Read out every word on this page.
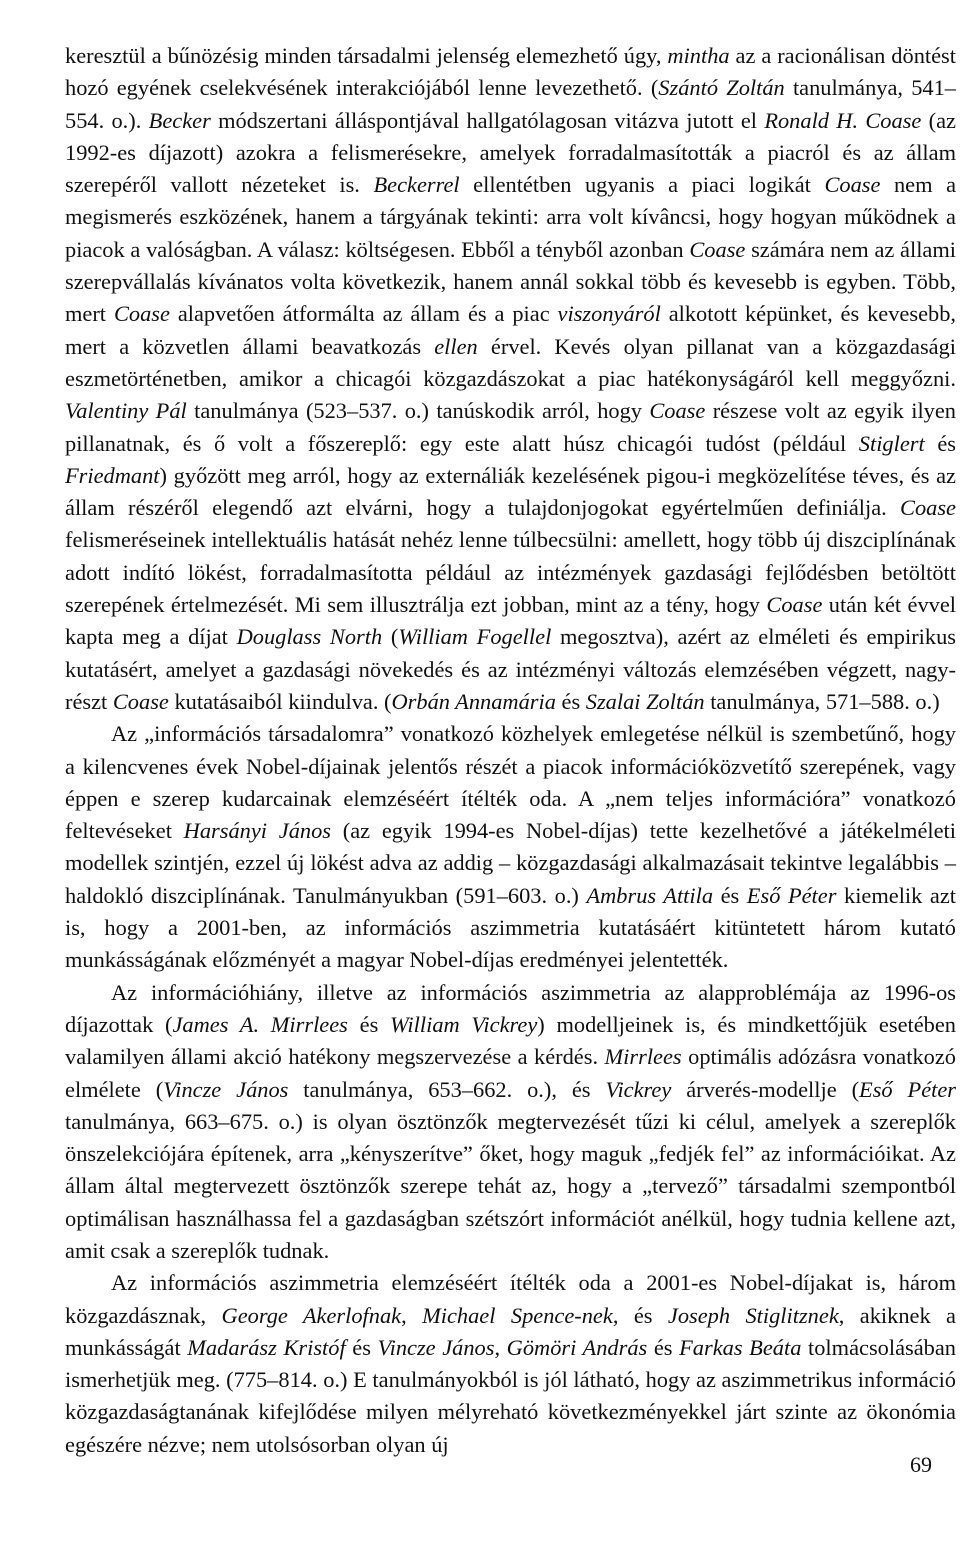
keresztül a bűnözésig minden társadalmi jelenség elemezhető úgy, mintha az a racionálisan döntést hozó egyének cselekvésének interakciójából lenne levezethető. (Szántó Zoltán tanulmánya, 541–554. o.). Becker módszertani álláspontjával hallgatólagosan vitázva jutott el Ronald H. Coase (az 1992-es díjazott) azokra a felismerésekre, amelyek forradalmasították a piacról és az állam szerepéről vallott nézeteket is. Beckerrel ellentétben ugyanis a piaci logikát Coase nem a megismerés eszközének, hanem a tárgyának tekinti: arra volt kívâncsi, hogy hogyan működnek a piacok a valóságban. A válasz: költségesen. Ebből a tényből azonban Coase számára nem az állami szerepvállalás kívánatos volta következik, hanem annál sokkal több és kevesebb is egyben. Több, mert Coase alapvetően átformálta az állam és a piac viszonyáról alkotott képünket, és kevesebb, mert a közvetlen állami beavatkozás ellen érvel. Kevés olyan pillanat van a közgazdasági eszmetörténetben, amikor a chicagói közgazdászokat a piac hatékonyságáról kell meggyőzni. Valentiny Pál tanulmánya (523–537. o.) tanúskodik arról, hogy Coase részese volt az egyik ilyen pillanatnak, és ő volt a főszereplő: egy este alatt húsz chicagói tudóst (például Stiglert és Friedmant) győzött meg arról, hogy az externáliák kezelésének pigou-i megközelítése téves, és az állam részéről elegendő azt elvárni, hogy a tulajdonjogokat egyértelműen definiálja. Coase felismeréseinek intellektuális hatását nehéz lenne túlbecsülni: amellett, hogy több új diszciplínának adott indító lökést, forradalmasította például az intézmények gazdasági fejlődésben betöltött szerepének értelmezését. Mi sem illusztrálja ezt jobban, mint az a tény, hogy Coase után két évvel kapta meg a díjat Douglass North (William Fogellel megosztva), azért az elméleti és empirikus kutatásért, amelyet a gazdasági növekedés és az intézményi változás elemzésében végzett, nagyrészt Coase kutatásaiból kiindulva. (Orbán Annamária és Szalai Zoltán tanulmánya, 571–588. o.)

Az „információs társadalomra” vonatkozó közhelyek emlegetése nélkül is szembetűnő, hogy a kilencvenes évek Nobel-díjainak jelentős részét a piacok információközvetítő szerepének, vagy éppen e szerep kudarcainak elemzéséért ítélték oda. A „nem teljes információra” vonatkozó feltevéseket Harsányi János (az egyik 1994-es Nobel-díjas) tette kezelhetővé a játékelméleti modellek szintjén, ezzel új lökést adva az addig – közgazdasági alkalmazásait tekintve legalábbis – haldokló diszciplínának. Tanulmányukban (591–603. o.) Ambrus Attila és Eső Péter kiemelik azt is, hogy a 2001-ben, az információs aszimmetria kutatásáért kitüntetett három kutató munkásságának előzményét a magyar Nobel-díjas eredményei jelentették.

Az információhiány, illetve az információs aszimmetria az alapproblémája az 1996-os díjazottak (James A. Mirrlees és William Vickrey) modelljeinek is, és mindkettőjük esetében valamilyen állami akció hatékony megszervezése a kérdés. Mirrlees optimális adózásra vonatkozó elmélete (Vincze János tanulmánya, 653–662. o.), és Vickrey árverés-modellje (Eső Péter tanulmánya, 663–675. o.) is olyan ösztönzők megtervezését tűzi ki célul, amelyek a szereplők önszelekciójára építenek, arra „kényszerítve” őket, hogy maguk „fedjék fel” az információikat. Az állam által megtervezett ösztönzők szerepe tehát az, hogy a „tervező” társadalmi szempontból optimálisan használhassa fel a gazdaságban szétszórt információt anélkül, hogy tudnia kellene azt, amit csak a szereplők tudnak.

Az információs aszimmetria elemzéséért ítélték oda a 2001-es Nobel-díjakat is, három közgazdásznak, George Akerlofnak, Michael Spence-nek, és Joseph Stiglitznek, akiknek a munkásságát Madarász Kristóf és Vincze János, Gömöri András és Farkas Beáta tolmácsolásában ismerhetjük meg. (775–814. o.) E tanulmányokból is jól látható, hogy az aszimmetrikus információ közgazdaságtanának kifejlődése milyen mélyreható következményekkel járt szinte az ökonómia egészére nézve; nem utolsósorban olyan új

69
